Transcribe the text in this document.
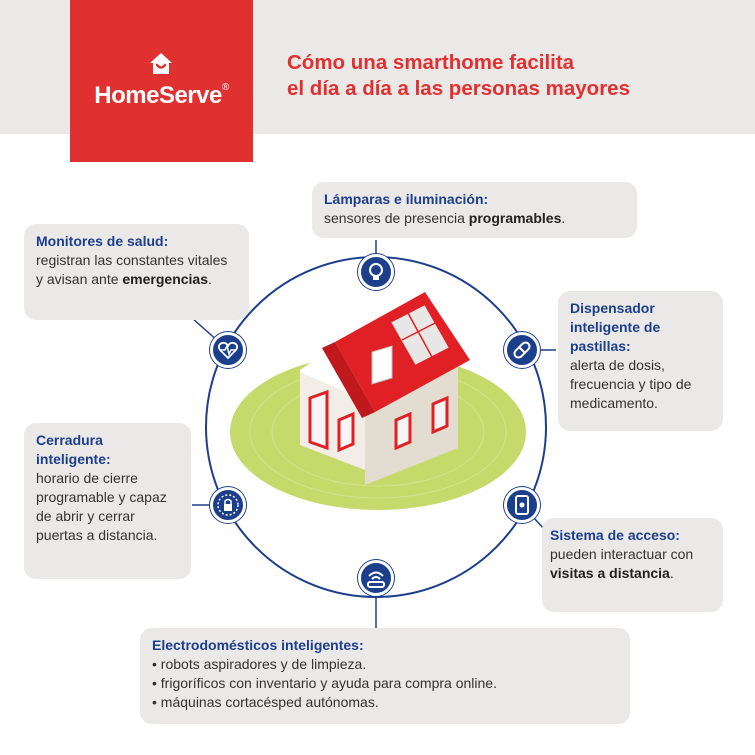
HomeServe®
Cómo una smarthome facilita
el día a día a las personas mayores
Lámparas e iluminación:

sensores de presencia programables.

Monitores de salud:

registran las constantes vitales y avisan ante emergencias.

Dispensador inteligente de pastillas:

alerta de dosis, frecuencia y tipo de medicamento.

Cerradura inteligente:

horario de cierre programable y capaz de abrir y cerrar puertas a distancia.	Sistema de acceso:

pueden interactuar con visitas a distancia.

Electrodomésticos inteligentes:
• robots aspiradores y de limpieza.
• frigoríficos con inventario y ayuda para compra online.
• máquinas cortacésped autónomas.
